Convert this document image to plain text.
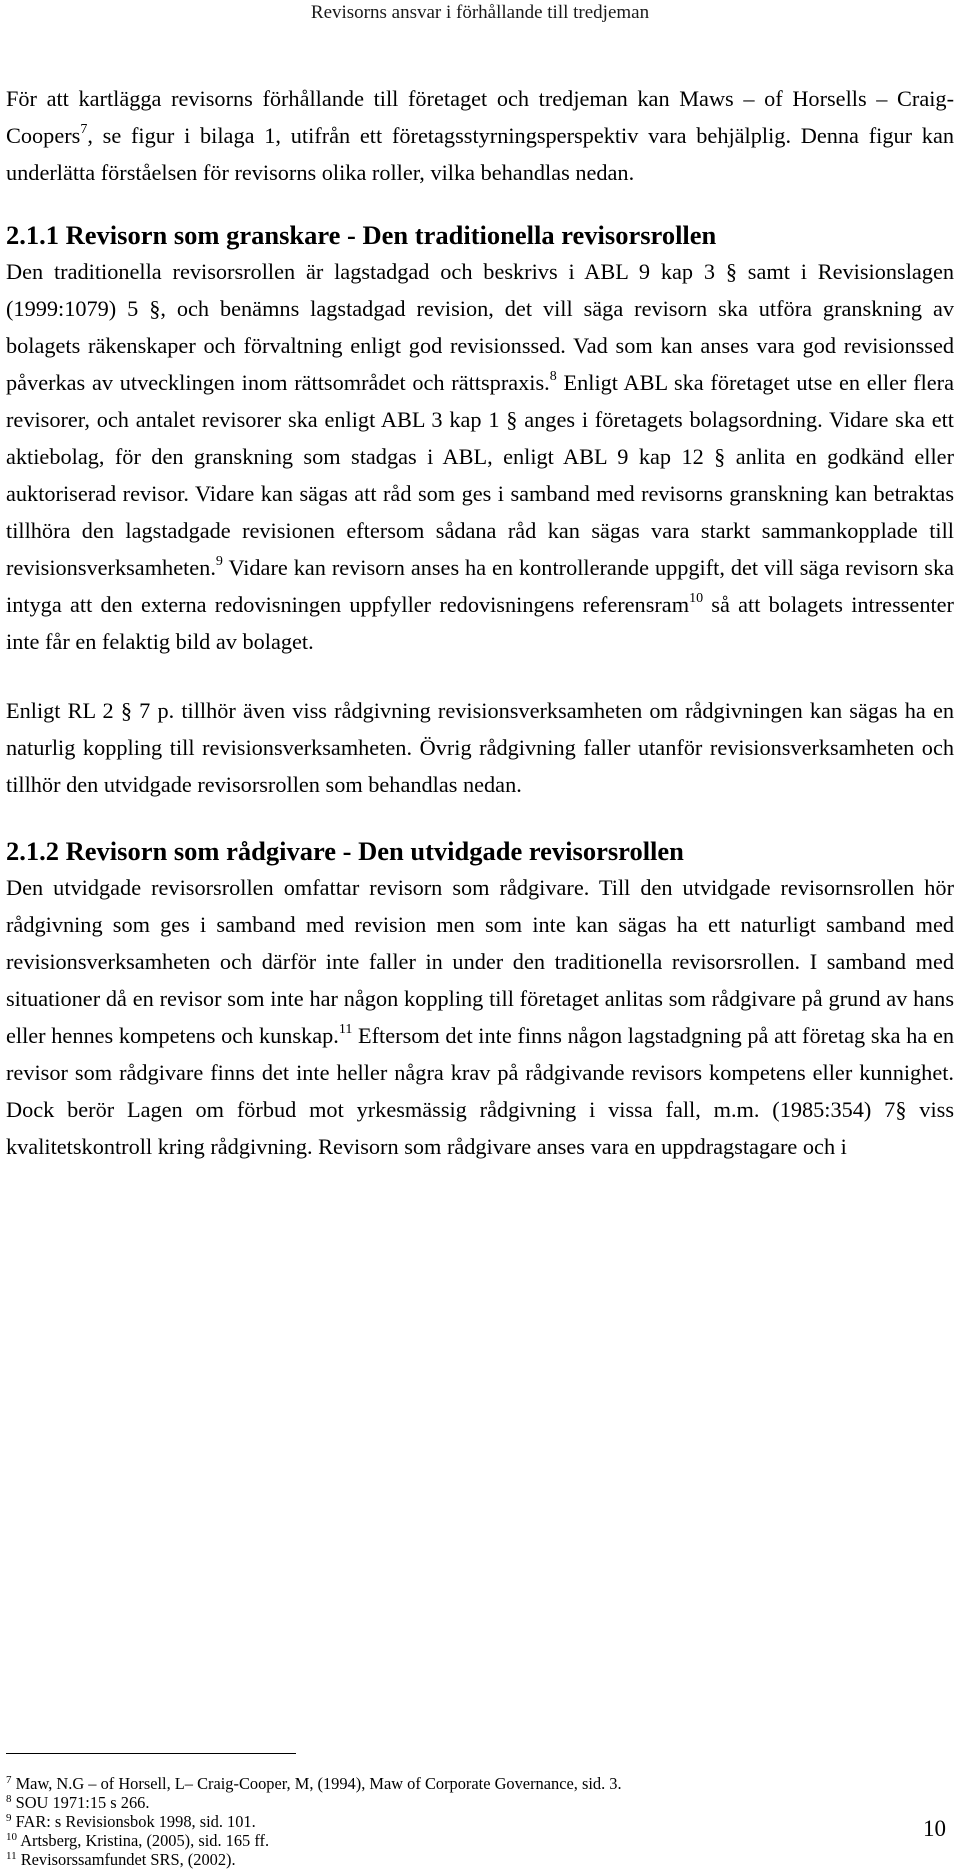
Revisorns ansvar i förhållande till tredjeman

För att kartlägga revisorns förhållande till företaget och tredjeman kan Maws – of Horsells – Craig-Coopers$^7$, se figur i bilaga 1, utifrån ett företagsstyrningsperspektiv vara behjälplig. Denna figur kan underlätta förståelsen för revisorns olika roller, vilka behandlas nedan.

2.1.1 Revisorn som granskare - Den traditionella revisorsrollen

Den traditionella revisorsrollen är lagstadgad och beskrivs i ABL 9 kap 3 § samt i Revisionslagen (1999:1079) 5 §, och benämns lagstadgad revision, det vill säga revisorn ska utföra granskning av bolagets räkenskaper och förvaltning enligt god revisionssed. Vad som kan anses vara god revisionssed påverkas av utvecklingen inom rättsområdet och rättspraxis.$^8$ Enligt ABL ska företaget utse en eller flera revisorer, och antalet revisorer ska enligt ABL 3 kap 1 § anges i företagets bolagsordning. Vidare ska ett aktiebolag, för den granskning som stadgas i ABL, enligt ABL 9 kap 12 § anlita en godkänd eller auktoriserad revisor. Vidare kan sägas att råd som ges i samband med revisorns granskning kan betraktas tillhöra den lagstadgade revisionen eftersom sådana råd kan sägas vara starkt sammankopplade till revisionsverksamheten.$^9$ Vidare kan revisorn anses ha en kontrollerande uppgift, det vill säga revisorn ska intyga att den externa redovisningen uppfyller redovisningens referensram$^{10}$ så att bolagets intressenter inte får en felaktig bild av bolaget.

Enligt RL 2 § 7 p. tillhör även viss rådgivning revisionsverksamheten om rådgivningen kan sägas ha en naturlig koppling till revisionsverksamheten. Övrig rådgivning faller utanför revisionsverksamheten och tillhör den utvidgade revisorsrollen som behandlas nedan.

2.1.2 Revisorn som rådgivare - Den utvidgade revisorsrollen

Den utvidgade revisorsrollen omfattar revisorn som rådgivare. Till den utvidgade revisornsrollen hör rådgivning som ges i samband med revision men som inte kan sägas ha ett naturligt samband med revisionsverksamheten och därför inte faller in under den traditionella revisorsrollen. I samband med situationer då en revisor som inte har någon koppling till företaget anlitas som rådgivare på grund av hans eller hennes kompetens och kunskap.$^{11}$ Eftersom det inte finns någon lagstadgning på att företag ska ha en revisor som rådgivare finns det inte heller några krav på rådgivande revisors kompetens eller kunnighet. Dock berör Lagen om förbud mot yrkesmässig rådgivning i vissa fall, m.m. (1985:354) 7§ viss kvalitetskontroll kring rådgivning. Revisorn som rådgivare anses vara en uppdragstagare och i

$^7$ Maw, N.G – of Horsell, L– Craig-Cooper, M, (1994), Maw of Corporate Governance, sid. 3.

$^8$ SOU 1971:15 s 266.

$^9$ FAR: s Revisionsbok 1998, sid. 101.

$^{10}$ Artsberg, Kristina, (2005), sid. 165 ff.

$^{11}$ Revisorssamfundet SRS, (2002).

10
